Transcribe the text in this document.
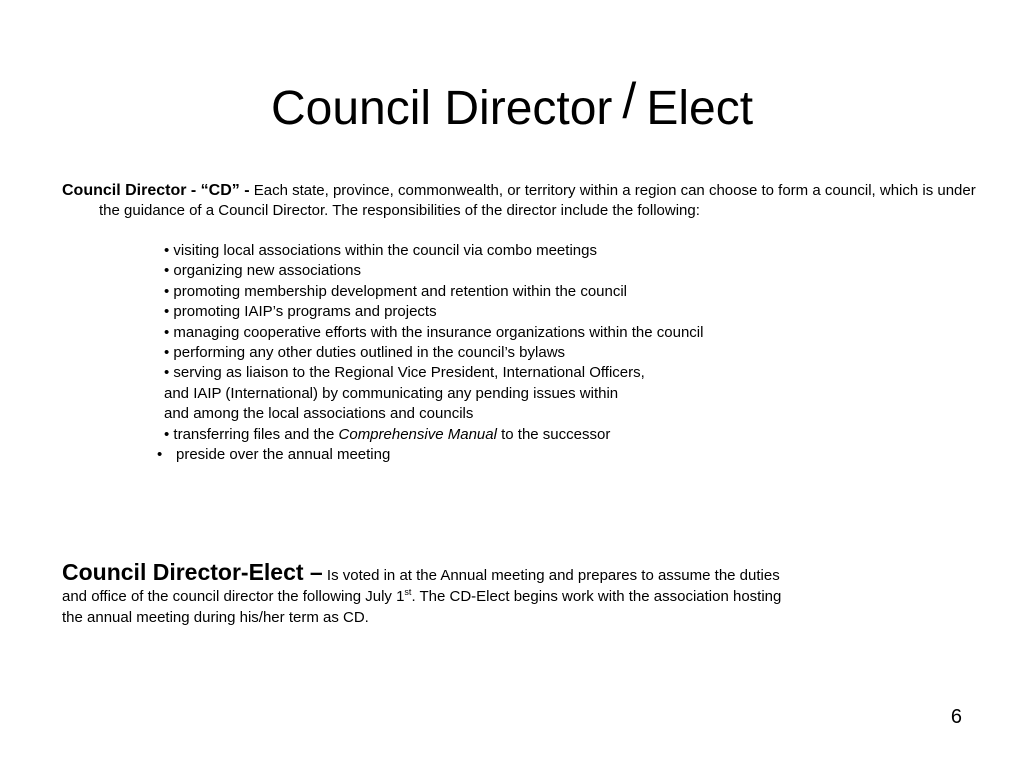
Council Director / Elect
Council Director - “CD” - Each state, province, commonwealth, or territory within a region can choose to form a council, which is under the guidance of a Council Director. The responsibilities of the director include the following:
• visiting local associations within the council via combo meetings
• organizing new associations
• promoting membership development and retention within the council
• promoting IAIP’s programs and projects
• managing cooperative efforts with the insurance organizations within the council
• performing any other duties outlined in the council’s bylaws
• serving as liaison to the Regional Vice President, International Officers,
and IAIP (International) by communicating any pending issues within
and among the local associations and councils
• transferring files and the Comprehensive Manual to the successor
• preside over the annual meeting
Council Director-Elect – Is voted in at the Annual meeting and prepares to assume the duties
and office of the council director the following July 1st. The CD-Elect begins work with the association hosting
the annual meeting during his/her term as CD.
6
